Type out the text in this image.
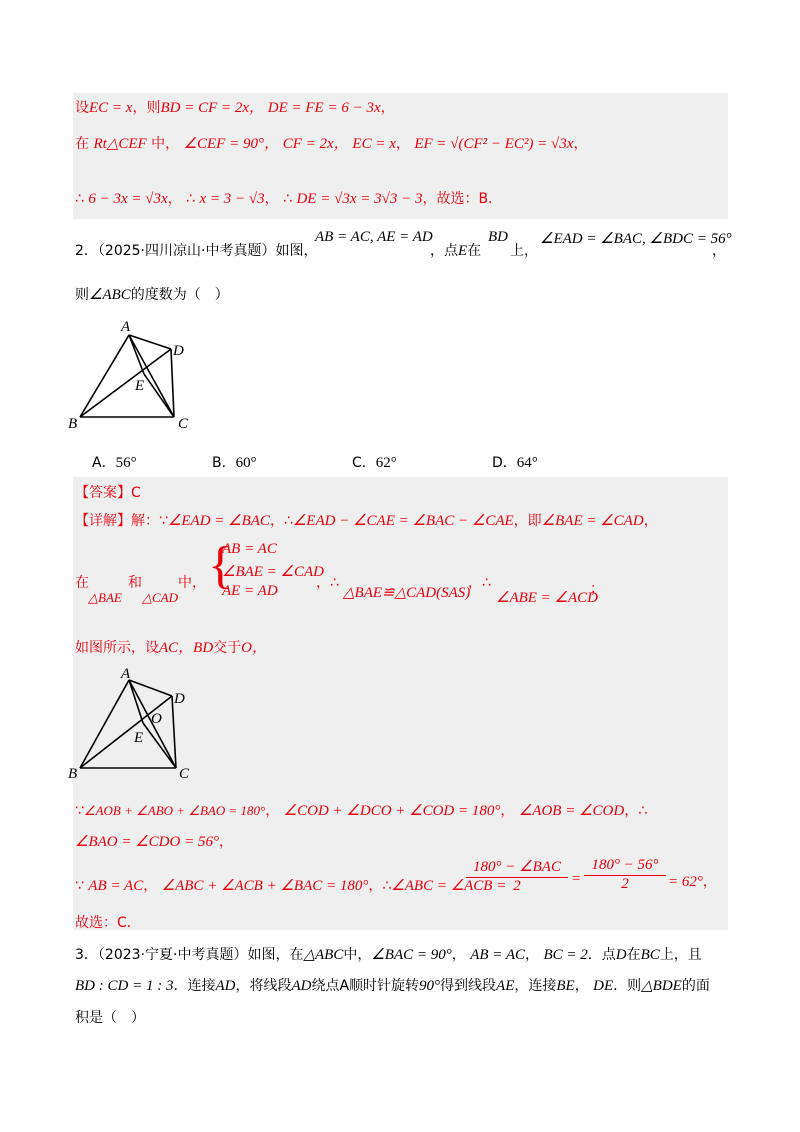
设EC = x，则BD = CF = 2x， DE = FE = 6 − 3x，
在 Rt△CEF 中， ∠CEF = 90°， CF = 2x， EC = x， EF = √(CF² − EC²) = √3x，
∴ 6 − 3x = √3x， ∴ x = 3 − √3， ∴ DE = √3x = 3√3 − 3，故选：B．
2．（2025·四川凉山·中考真题）如图，
AB = AC, AE = AD
，点E在
BD
上，
∠EAD = ∠BAC, ∠BDC = 56°
，
则∠ABC的度数为（　）
A
D
E
B	C
A．56°	B．60°	C．62°	D．64°
【答案】C
【详解】解：∵∠EAD = ∠BAC，∴∠EAD − ∠CAE = ∠BAC − ∠CAE，即∠BAE = ∠CAD，
在	和	中，
△BAE △CAD
{
AB = AC
∠BAE = ∠CAD
AE = AD	，∴
△BAE≌△CAD(SAS)
，∴
∠ABE = ∠ACD
；
如图所示，设AC，BD交于O，
A
D
O
E
B	C
∵∠AOB + ∠ABO + ∠BAO = 180°， ∠COD + ∠DCO + ∠COD = 180°， ∠AOB = ∠COD，∴
∠BAO = ∠CDO = 56°，
∵ AB = AC， ∠ABC + ∠ACB + ∠BAC = 180°，∴∠ABC = ∠ACB =
180° − ∠BAC
2	=
180° − 56°
2	= 62°，
故选：C．
3．（2023·宁夏·中考真题）如图，在△ABC中，∠BAC = 90°， AB = AC， BC = 2．点D在BC上，且
BD : CD = 1 : 3．连接AD，将线段AD绕点A顺时针旋转90°得到线段AE，连接BE， DE．则△BDE的面
积是（　）
